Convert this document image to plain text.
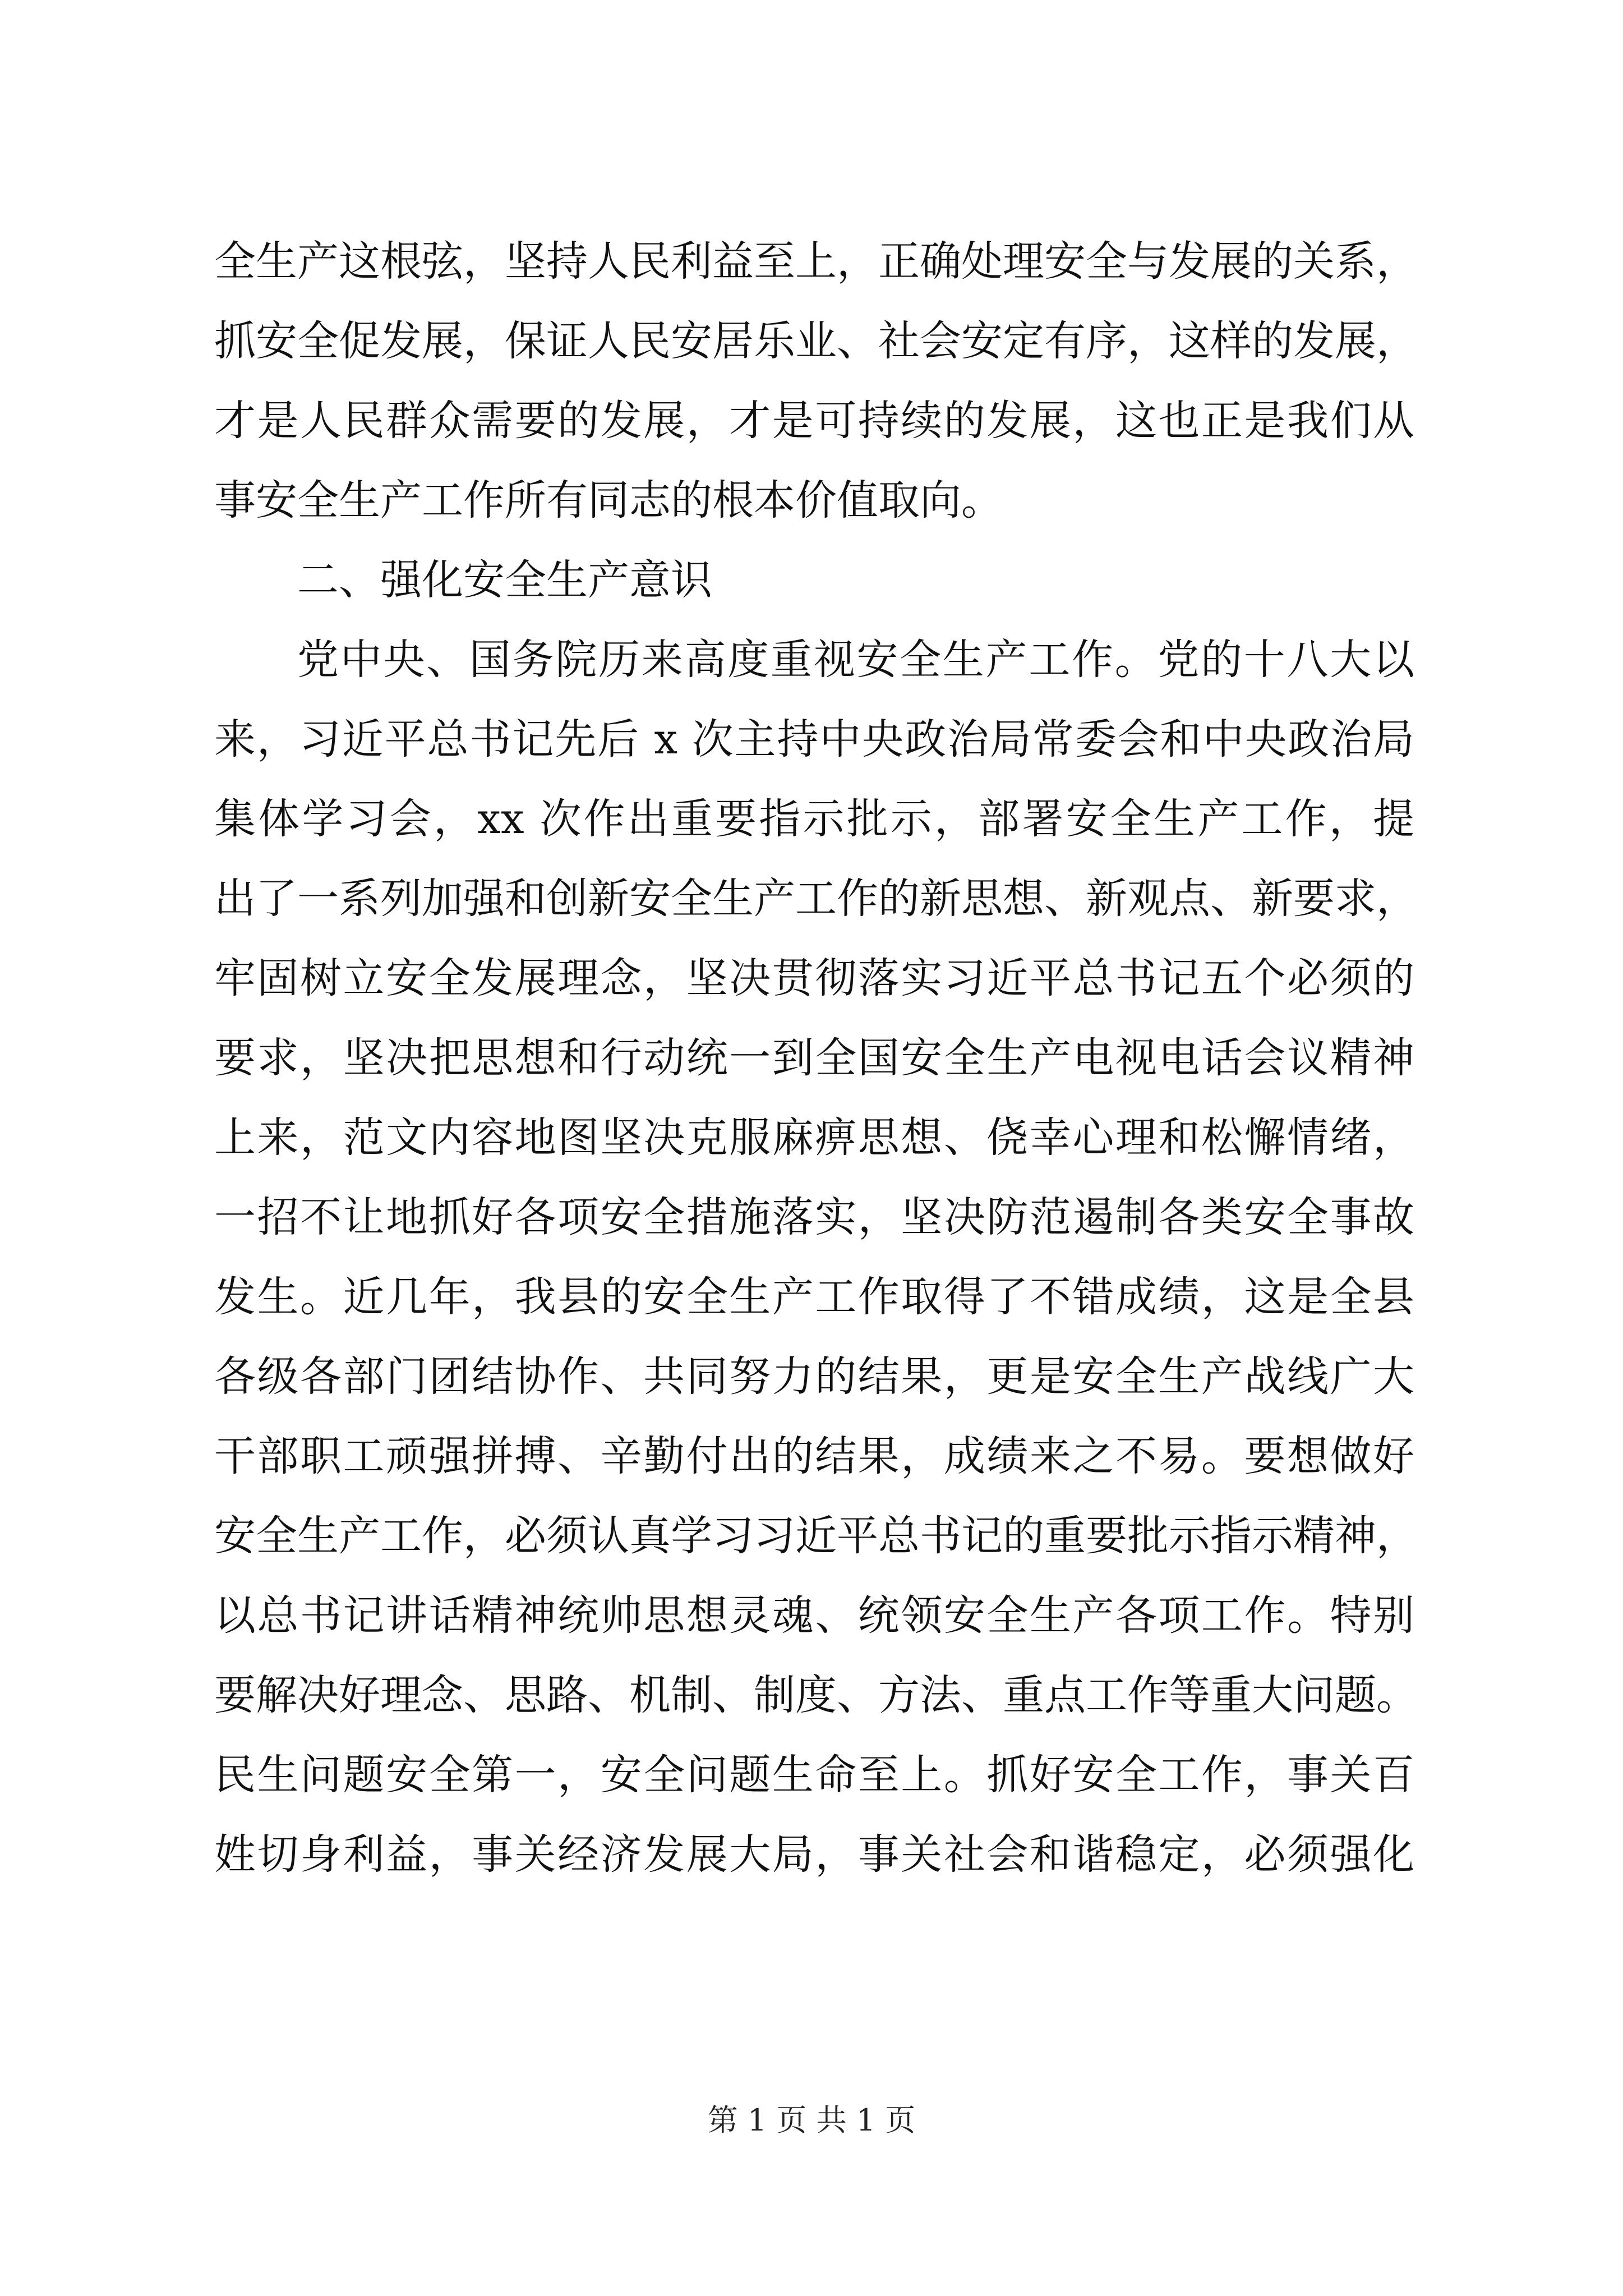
全生产这根弦，坚持人民利益至上，正确处理安全与发展的关系，
抓安全促发展，保证人民安居乐业、社会安定有序，这样的发展，
才是人民群众需要的发展，才是可持续的发展，这也正是我们从
事安全生产工作所有同志的根本价值取向。
二、强化安全生产意识
党中央、国务院历来高度重视安全生产工作。党的十八大以
来，习近平总书记先后 x 次主持中央政治局常委会和中央政治局
集体学习会，xx 次作出重要指示批示，部署安全生产工作，提
出了一系列加强和创新安全生产工作的新思想、新观点、新要求，
牢固树立安全发展理念，坚决贯彻落实习近平总书记五个必须的
要求，坚决把思想和行动统一到全国安全生产电视电话会议精神
上来，范文内容地图坚决克服麻痹思想、侥幸心理和松懈情绪，
一招不让地抓好各项安全措施落实，坚决防范遏制各类安全事故
发生。近几年，我县的安全生产工作取得了不错成绩，这是全县
各级各部门团结协作、共同努力的结果，更是安全生产战线广大
干部职工顽强拼搏、辛勤付出的结果，成绩来之不易。要想做好
安全生产工作，必须认真学习习近平总书记的重要批示指示精神，
以总书记讲话精神统帅思想灵魂、统领安全生产各项工作。特别
要解决好理念、思路、机制、制度、方法、重点工作等重大问题。
民生问题安全第一，安全问题生命至上。抓好安全工作，事关百
姓切身利益，事关经济发展大局，事关社会和谐稳定，必须强化
第 1 页 共 1 页
